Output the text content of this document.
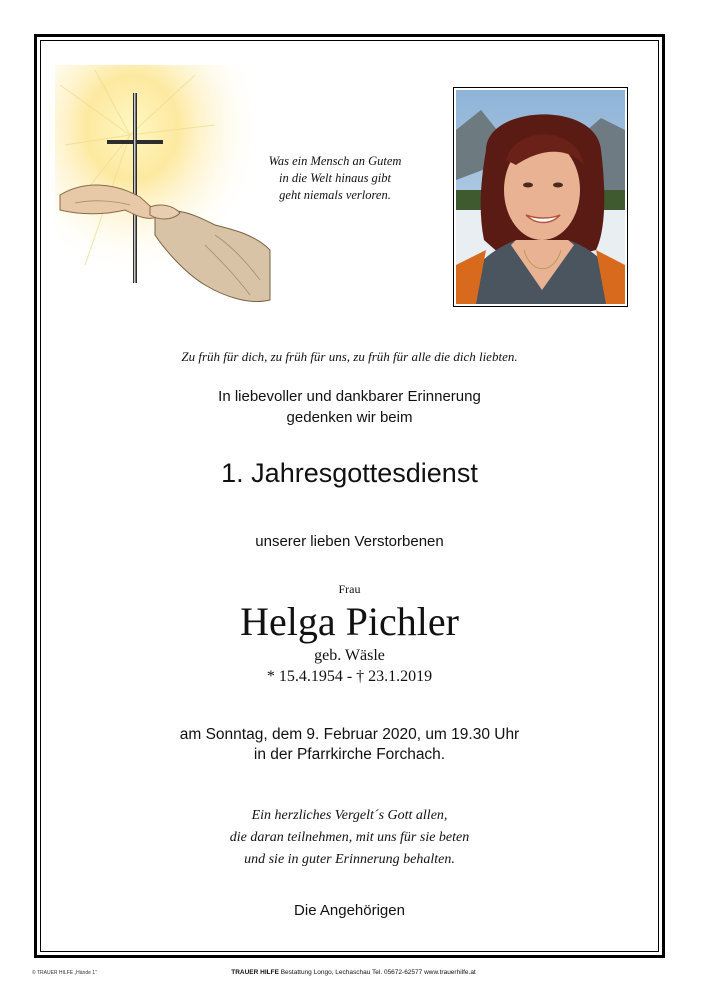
Was ein Mensch an Gutem
in die Welt hinaus gibt
geht niemals verloren.
Zu früh für dich, zu früh für uns, zu früh für alle die dich liebten.
In liebevoller und dankbarer Erinnerung
gedenken wir beim
1. Jahresgottesdienst
unserer lieben Verstorbenen
Frau
Helga Pichler
geb. Wäsle
* 15.4.1954 - † 23.1.2019
am Sonntag, dem 9. Februar 2020, um 19.30 Uhr
in der Pfarrkirche Forchach.
Ein herzliches Vergelt´s Gott allen,
die daran teilnehmen, mit uns für sie beten
und sie in guter Erinnerung behalten.
Die Angehörigen
© TRAUER HILFE „Hände 1“	TRAUER HILFE Bestattung Longo, Lechaschau Tel. 05672-62577 www.trauerhilfe.at
